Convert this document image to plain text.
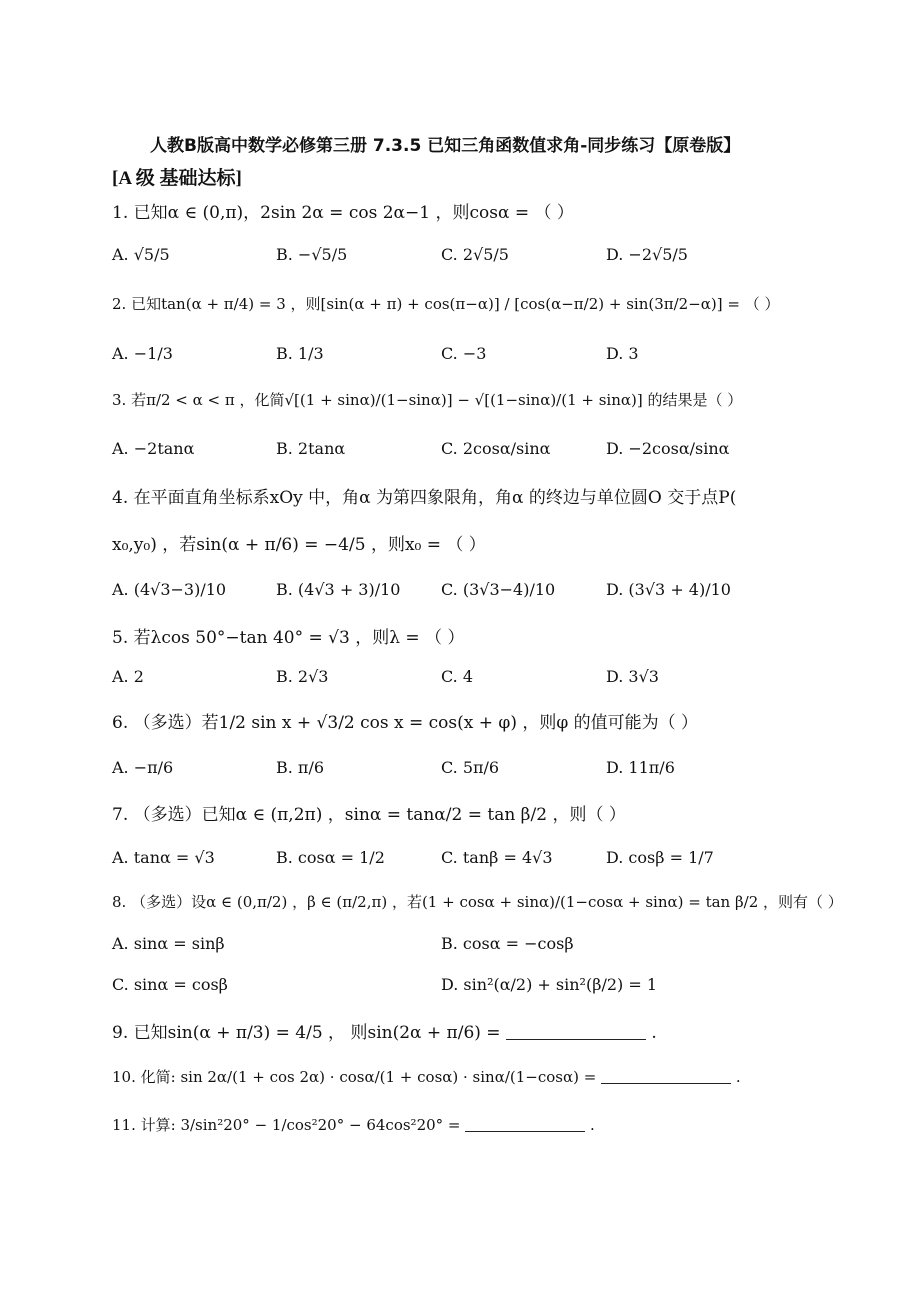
人教B版高中数学必修第三册 7.3.5 已知三角函数值求角-同步练习【原卷版】
[A 级 基础达标]
1. 已知α ∈ (0,π)，2sin 2α = cos 2α−1 ，则cosα = （ ）
A. √5/5	B. −√5/5	C. 2√5/5	D. −2√5/5
2. 已知tan(α + π/4) = 3 ，则[sin(α + π) + cos(π−α)] / [cos(α−π/2) + sin(3π/2−α)] = （ ）
A. −1/3	B. 1/3	C. −3	D. 3
3. 若π/2 < α < π ，化简√[(1 + sinα)/(1−sinα)] − √[(1−sinα)/(1 + sinα)] 的结果是（ ）
A. −2tanα	B. 2tanα	C. 2cosα/sinα	D. −2cosα/sinα
4. 在平面直角坐标系xOy 中，角α 为第四象限角，角α 的终边与单位圆O 交于点P(
x₀,y₀) ，若sin(α + π/6) = −4/5 ，则x₀ = （ ）
A. (4√3−3)/10	B. (4√3 + 3)/10	C. (3√3−4)/10	D. (3√3 + 4)/10
5. 若λcos 50°−tan 40° = √3 ，则λ = （ ）
A. 2	B. 2√3	C. 4	D. 3√3
6. （多选）若1/2 sin x + √3/2 cos x = cos(x + φ) ，则φ 的值可能为（ ）
A. −π/6	B. π/6	C. 5π/6	D. 11π/6
7. （多选）已知α ∈ (π,2π) ，sinα = tanα/2 = tan β/2 ，则（ ）
A. tanα = √3	B. cosα = 1/2	C. tanβ = 4√3	D. cosβ = 1/7
8. （多选）设α ∈ (0,π/2) ，β ∈ (π/2,π) ，若(1 + cosα + sinα)/(1−cosα + sinα) = tan β/2 ，则有（ ）
A. sinα = sinβ	B. cosα = −cosβ
C. sinα = cosβ	D. sin²(α/2) + sin²(β/2) = 1
9. 已知sin(α + π/3) = 4/5 ， 则sin(2α + π/6) =	.
10. 化简: sin 2α/(1 + cos 2α) · cosα/(1 + cosα) · sinα/(1−cosα) =	.
11. 计算: 3/sin²20° − 1/cos²20° − 64cos²20° =	.
